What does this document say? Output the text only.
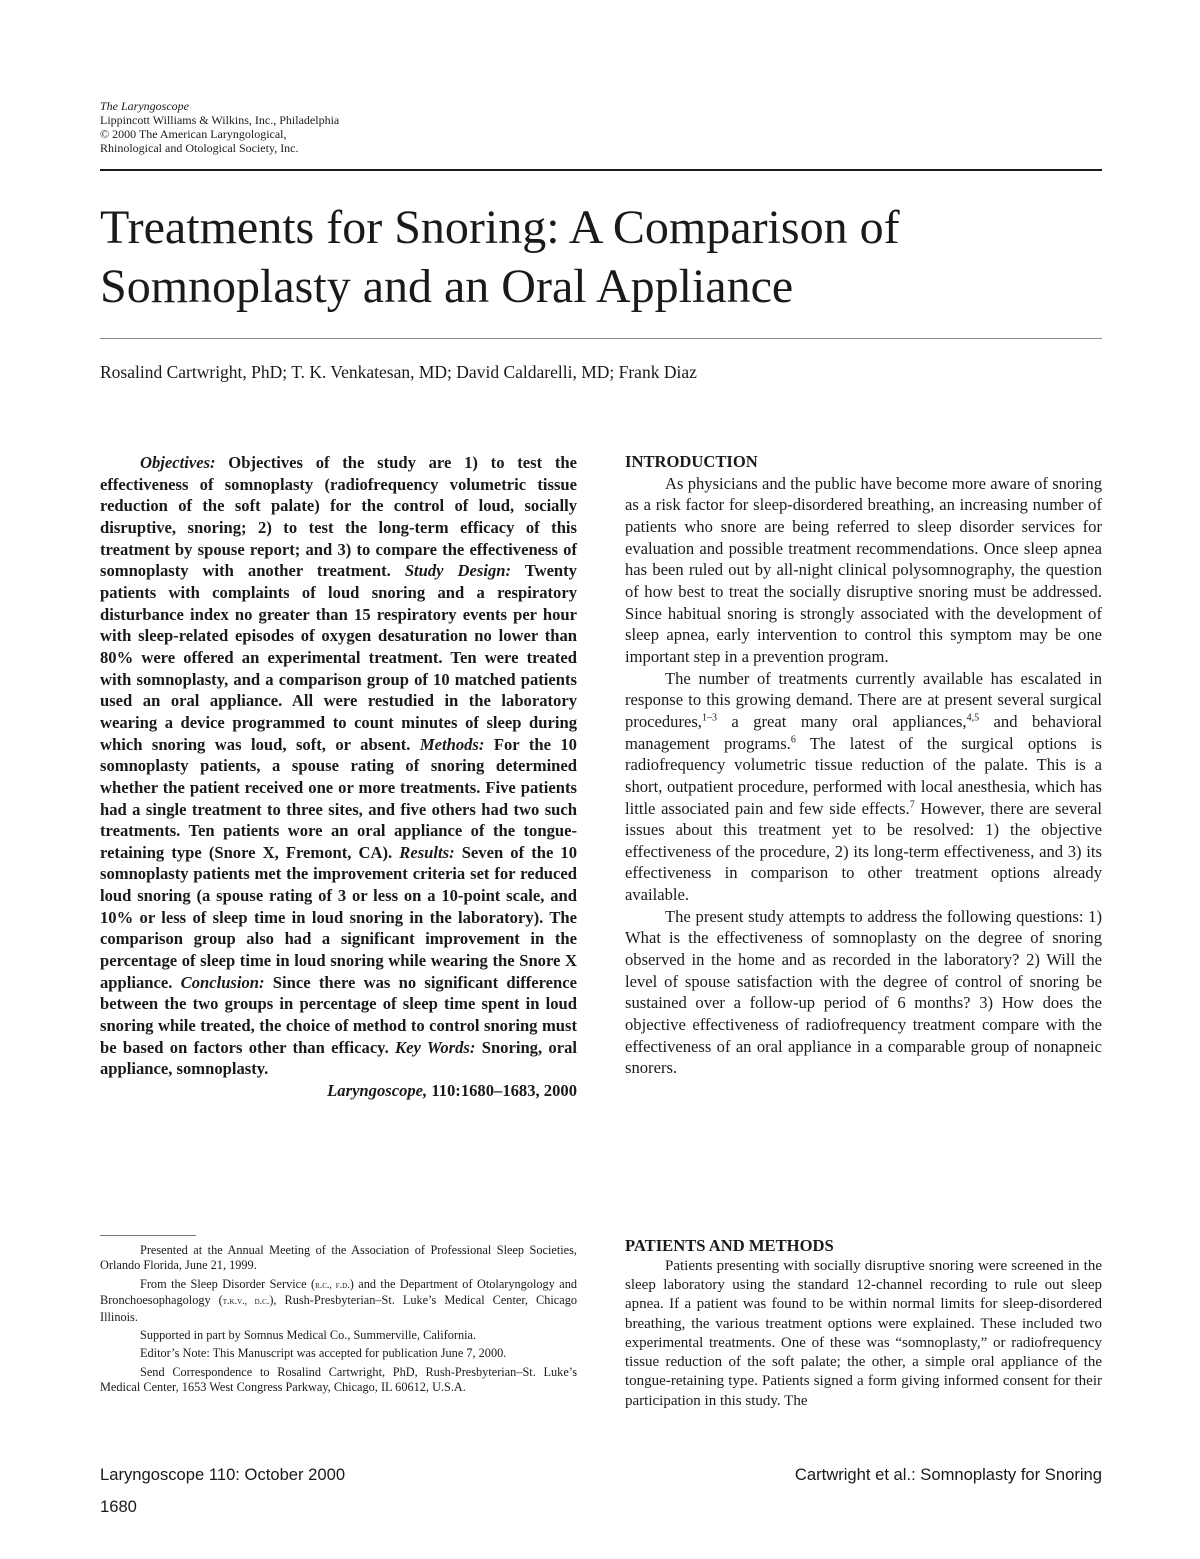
The Laryngoscope
Lippincott Williams & Wilkins, Inc., Philadelphia
© 2000 The American Laryngological,
Rhinological and Otological Society, Inc.
Treatments for Snoring: A Comparison of Somnoplasty and an Oral Appliance
Rosalind Cartwright, PhD; T. K. Venkatesan, MD; David Caldarelli, MD; Frank Diaz

Objectives: Objectives of the study are 1) to test the effectiveness of somnoplasty (radiofrequency volumetric tissue reduction of the soft palate) for the control of loud, socially disruptive, snoring; 2) to test the long-term efficacy of this treatment by spouse report; and 3) to compare the effectiveness of somnoplasty with another treatment. Study Design: Twenty patients with complaints of loud snoring and a respiratory disturbance index no greater than 15 respiratory events per hour with sleep-related episodes of oxygen desaturation no lower than 80% were offered an experimental treatment. Ten were treated with somnoplasty, and a comparison group of 10 matched patients used an oral appliance. All were restudied in the laboratory wearing a device programmed to count minutes of sleep during which snoring was loud, soft, or absent. Methods: For the 10 somnoplasty patients, a spouse rating of snoring determined whether the patient received one or more treatments. Five patients had a single treatment to three sites, and five others had two such treatments. Ten patients wore an oral appliance of the tongue-retaining type (Snore X, Fremont, CA). Results: Seven of the 10 somnoplasty patients met the improvement criteria set for reduced loud snoring (a spouse rating of 3 or less on a 10-point scale, and 10% or less of sleep time in loud snoring in the laboratory). The comparison group also had a significant improvement in the percentage of sleep time in loud snoring while wearing the Snore X appliance. Conclusion: Since there was no significant difference between the two groups in percentage of sleep time spent in loud snoring while treated, the choice of method to control snoring must be based on factors other than efficacy. Key Words: Snoring, oral appliance, somnoplasty.

Laryngoscope, 110:1680–1683, 2000

Presented at the Annual Meeting of the Association of Professional Sleep Societies, Orlando Florida, June 21, 1999.

From the Sleep Disorder Service (r.c., f.d.) and the Department of Otolaryngology and Bronchoesophagology (t.k.v., d.c.), Rush-Presbyterian–St. Luke’s Medical Center, Chicago Illinois.

Supported in part by Somnus Medical Co., Summerville, California.

Editor’s Note: This Manuscript was accepted for publication June 7, 2000.

Send Correspondence to Rosalind Cartwright, PhD, Rush-Presbyterian–St. Luke’s Medical Center, 1653 West Congress Parkway, Chicago, IL 60612, U.S.A.

INTRODUCTION

As physicians and the public have become more aware of snoring as a risk factor for sleep-disordered breathing, an increasing number of patients who snore are being referred to sleep disorder services for evaluation and possible treatment recommendations. Once sleep apnea has been ruled out by all-night clinical polysomnography, the question of how best to treat the socially disruptive snoring must be addressed. Since habitual snoring is strongly associated with the development of sleep apnea, early intervention to control this symptom may be one important step in a prevention program.

The number of treatments currently available has escalated in response to this growing demand. There are at present several surgical procedures,$^{1-3}$ a great many oral appliances,$^{4,5}$ and behavioral management programs.$^6$ The latest of the surgical options is radiofrequency volumetric tissue reduction of the palate. This is a short, outpatient procedure, performed with local anesthesia, which has little associated pain and few side effects.$^7$ However, there are several issues about this treatment yet to be resolved: 1) the objective effectiveness of the procedure, 2) its long-term effectiveness, and 3) its effectiveness in comparison to other treatment options already available.

The present study attempts to address the following questions: 1) What is the effectiveness of somnoplasty on the degree of snoring observed in the home and as recorded in the laboratory? 2) Will the level of spouse satisfaction with the degree of control of snoring be sustained over a follow-up period of 6 months? 3) How does the objective effectiveness of radiofrequency treatment compare with the effectiveness of an oral appliance in a comparable group of nonapneic snorers.

PATIENTS AND METHODS

Patients presenting with socially disruptive snoring were screened in the sleep laboratory using the standard 12-channel recording to rule out sleep apnea. If a patient was found to be within normal limits for sleep-disordered breathing, the various treatment options were explained. These included two experimental treatments. One of these was “somnoplasty,” or radiofrequency tissue reduction of the soft palate; the other, a simple oral appliance of the tongue-retaining type. Patients signed a form giving informed consent for their participation in this study. The

Laryngoscope 110: October 2000	Cartwright et al.: Somnoplasty for Snoring
1680
